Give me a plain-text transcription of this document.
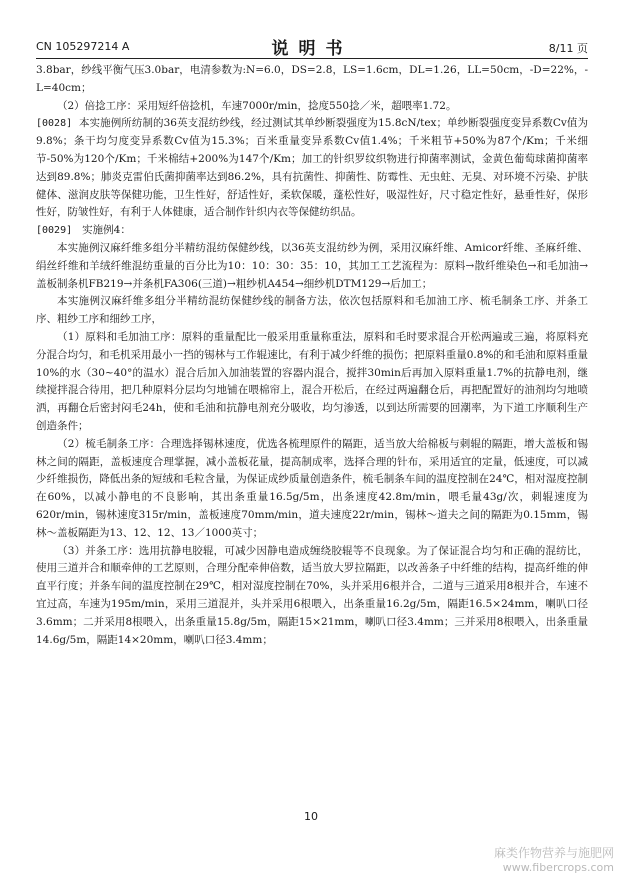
CN 105297214 A	说明书	8/11 页

3.8bar，纱线平衡气压3.0bar，电清参数为:N=6.0，DS=2.8，LS=1.6cm，DL=1.26，LL=50cm，-D=22%，-L=40cm；

（2）倍捻工序：采用短纤倍捻机，车速7000r/min，捻度550捻／米，超喂率1.72。

[0028] 本实施例所纺制的36英支混纺纱线，经过测试其单纱断裂强度为15.8cN/tex；单纱断裂强度变异系数Cv值为9.8%；条干均匀度变异系数Cv值为15.3%；百米重量变异系数Cv值1.4%；千米粗节+50%为87个/Km；千米细节-50%为120个/Km；千米棉结+200%为147个/Km；加工的针织罗纹织物进行抑菌率测试，金黄色葡萄球菌抑菌率达到89.8%；肺炎克雷伯氏菌抑菌率达到86.2%，具有抗菌性、抑菌性、防霉性、无虫蛀、无臭、对环境不污染、护肤健体、滋润皮肤等保健功能，卫生性好，舒适性好，柔软保暖，蓬松性好，吸湿性好，尺寸稳定性好，悬垂性好，保形性好，防皱性好，有利于人体健康，适合制作针织内衣等保健纺织品。

[0029] 实施例4：

本实施例汉麻纤维多组分半精纺混纺保健纱线，以36英支混纺纱为例，采用汉麻纤维、Amicor纤维、圣麻纤维、绢丝纤维和羊绒纤维混纺重量的百分比为10：10：30：35：10，其加工工艺流程为：原料→散纤维染色→和毛加油→盖板制条机FB219→并条机FA306(三道)→粗纱机A454→细纱机DTM129→后加工；

本实施例汉麻纤维多组分半精纺混纺保健纱线的制备方法，依次包括原料和毛加油工序、梳毛制条工序、并条工序、粗纱工序和细纱工序，

（1）原料和毛加油工序：原料的重量配比一般采用重量称重法，原料和毛时要求混合开松两遍或三遍，将原料充分混合均匀，和毛机采用最小一挡的锡林与工作辊速比，有利于减少纤维的损伤；把原料重量0.8%的和毛油和原料重量10%的水（30~40°的温水）混合后加入加油装置的容器内混合，搅拌30min后再加入原料重量1.7%的抗静电剂，继续搅拌混合待用，把几种原料分层均匀地铺在喂棉帘上，混合开松后，在经过两遍翻仓后，再把配置好的油剂均匀地喷洒，再翻仓后密封闷毛24h，使和毛油和抗静电剂充分吸收，均匀渗透，以到达所需要的回潮率，为下道工序顺利生产创造条件；

（2）梳毛制条工序：合理选择锡林速度，优选各梳理原件的隔距，适当放大给棉板与刺辊的隔距，增大盖板和锡林之间的隔距，盖板速度合理掌握，减小盖板花量，提高制成率，选择合理的针布，采用适宜的定量，低速度，可以减少纤维损伤，降低出条的短绒和毛粒含量，为保证成纱质量创造条件，梳毛制条车间的温度控制在24℃，相对湿度控制在60%，以减小静电的不良影响，其出条重量16.5g/5m，出条速度42.8m/min，喂毛量43g/次，刺辊速度为620r/min，锡林速度315r/min，盖板速度70mm/min，道夫速度22r/min，锡林～道夫之间的隔距为0.15mm，锡林～盖板隔距为13、12、12、13／1000英寸；

（3）并条工序：选用抗静电胶辊，可减少因静电造成缠绕胶辊等不良现象。为了保证混合均匀和正确的混纺比，使用三道并合和顺牵伸的工艺原则，合理分配牵伸倍数，适当放大罗拉隔距，以改善条子中纤维的结构，提高纤维的伸直平行度；并条车间的温度控制在29℃，相对湿度控制在70%，头并采用6根并合，二道与三道采用8根并合，车速不宜过高，车速为195m/min，采用三道混并，头并采用6根喂入，出条重量16.2g/5m，隔距16.5×24mm，喇叭口径3.6mm；二并采用8根喂入，出条重量15.8g/5m，隔距15×21mm，喇叭口径3.4mm；三并采用8根喂入，出条重量14.6g/5m，隔距14×20mm，喇叭口径3.4mm；

10
麻类作物营养与施肥网
www.fibercrops.com
